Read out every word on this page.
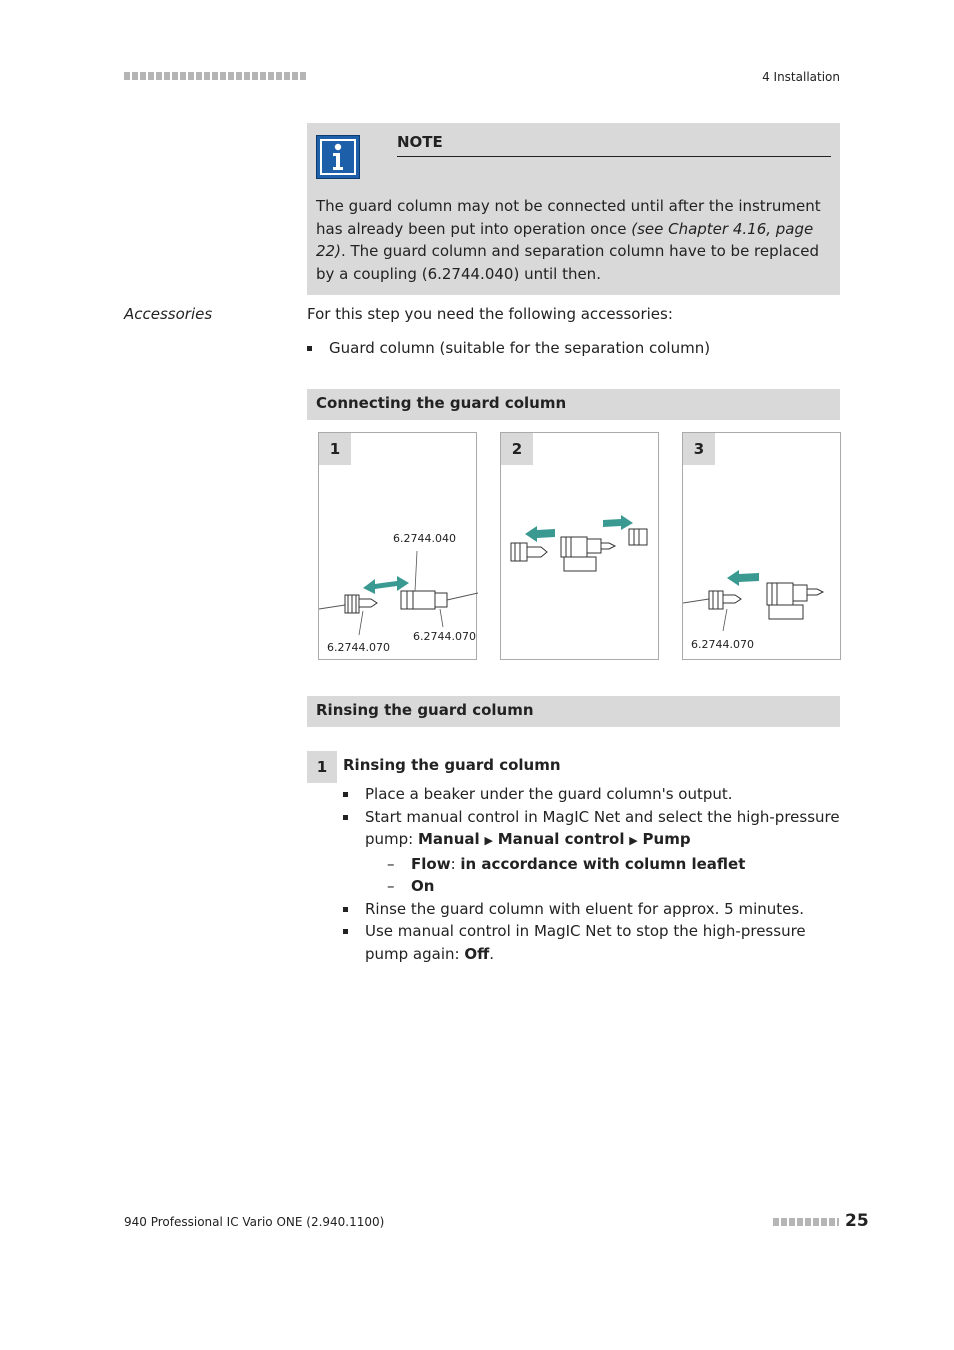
4 Installation
NOTE
The guard column may not be connected until after the instrument has already been put into operation once (see Chapter 4.16, page 22). The guard column and separation column have to be replaced by a coupling (6.2744.040) until then.
Accessories	For this step you need the following accessories:
Guard column (suitable for the separation column)
Connecting the guard column
1
6.2744.040
6.2744.070
6.2744.070
2	3
6.2744.070
Rinsing the guard column
1	Rinsing the guard column
Place a beaker under the guard column's output.
Start manual control in MagIC Net and select the high-pressure pump: Manual ▶ Manual control ▶ Pump
– Flow: in accordance with column leaflet
– On
Rinse the guard column with eluent for approx. 5 minutes.
Use manual control in MagIC Net to stop the high-pressure pump again: Off.
940 Professional IC Vario ONE (2.940.1100)	25
